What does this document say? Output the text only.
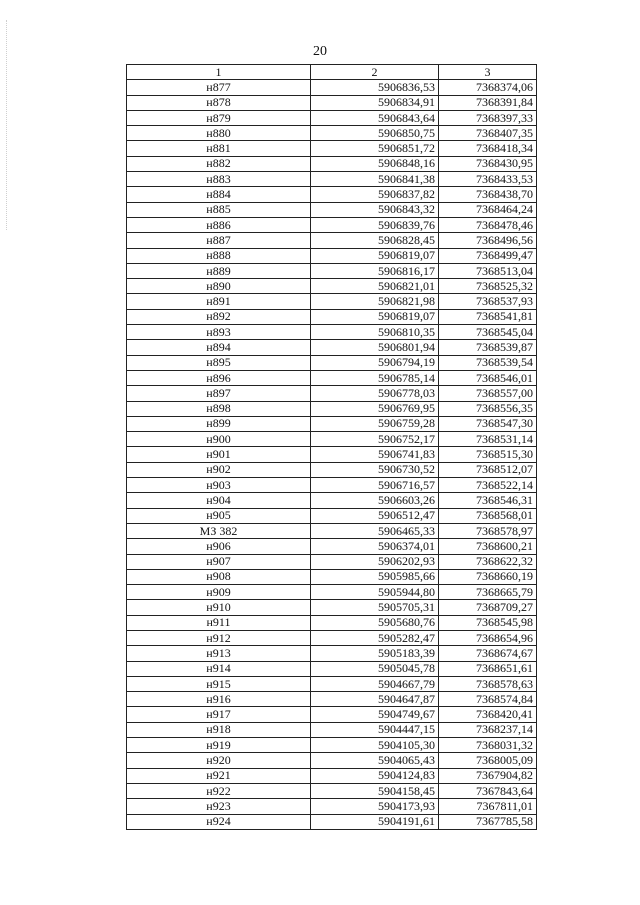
20
1	2	3
н877	5906836,53	7368374,06
н878	5906834,91	7368391,84
н879	5906843,64	7368397,33
н880	5906850,75	7368407,35
н881	5906851,72	7368418,34
н882	5906848,16	7368430,95
н883	5906841,38	7368433,53
н884	5906837,82	7368438,70
н885	5906843,32	7368464,24
н886	5906839,76	7368478,46
н887	5906828,45	7368496,56
н888	5906819,07	7368499,47
н889	5906816,17	7368513,04
н890	5906821,01	7368525,32
н891	5906821,98	7368537,93
н892	5906819,07	7368541,81
н893	5906810,35	7368545,04
н894	5906801,94	7368539,87
н895	5906794,19	7368539,54
н896	5906785,14	7368546,01
н897	5906778,03	7368557,00
н898	5906769,95	7368556,35
н899	5906759,28	7368547,30
н900	5906752,17	7368531,14
н901	5906741,83	7368515,30
н902	5906730,52	7368512,07
н903	5906716,57	7368522,14
н904	5906603,26	7368546,31
н905	5906512,47	7368568,01
МЗ 382	5906465,33	7368578,97
н906	5906374,01	7368600,21
н907	5906202,93	7368622,32
н908	5905985,66	7368660,19
н909	5905944,80	7368665,79
н910	5905705,31	7368709,27
н911	5905680,76	7368545,98
н912	5905282,47	7368654,96
н913	5905183,39	7368674,67
н914	5905045,78	7368651,61
н915	5904667,79	7368578,63
н916	5904647,87	7368574,84
н917	5904749,67	7368420,41
н918	5904447,15	7368237,14
н919	5904105,30	7368031,32
н920	5904065,43	7368005,09
н921	5904124,83	7367904,82
н922	5904158,45	7367843,64
н923	5904173,93	7367811,01
н924	5904191,61	7367785,58
